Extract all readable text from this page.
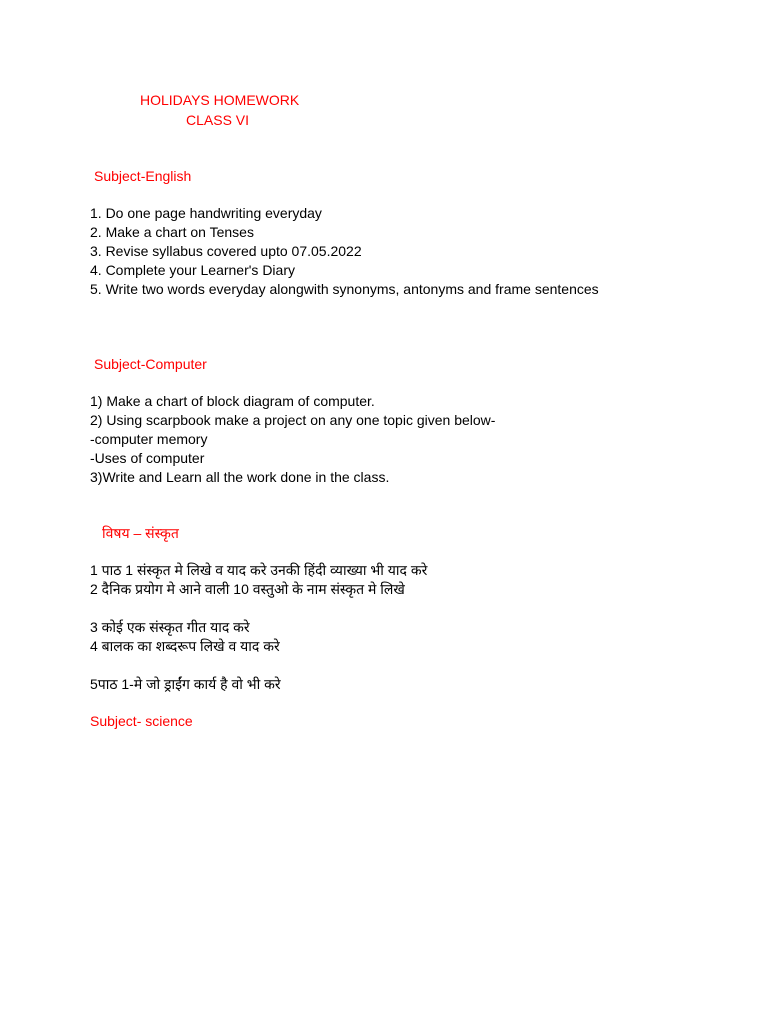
HOLIDAYS HOMEWORK
CLASS VI
Subject-English
1. Do one page handwriting everyday
2. Make a chart on Tenses
3. Revise syllabus covered upto 07.05.2022
4. Complete your Learner's Diary
5. Write two words everyday alongwith synonyms, antonyms and frame sentences
Subject-Computer
1) Make a chart of block diagram of computer.
2) Using scarpbook make a project on any one topic given below-
-computer memory
-Uses of computer
3)Write and Learn all the work done in the class.
विषय – संस्कृत
1 पाठ 1 संस्कृत मे लिखे व याद करे उनकी हिंदी व्याख्या भी याद करे
2 दैनिक प्रयोग मे आने वाली 10 वस्तुओ के नाम संस्कृत मे लिखे
3 कोई एक संस्कृत गीत याद करे
4 बालक का शब्दरूप लिखे व याद करे
5पाठ 1-मे जो ड्राईंग कार्य है वो भी करे
Subject- science
